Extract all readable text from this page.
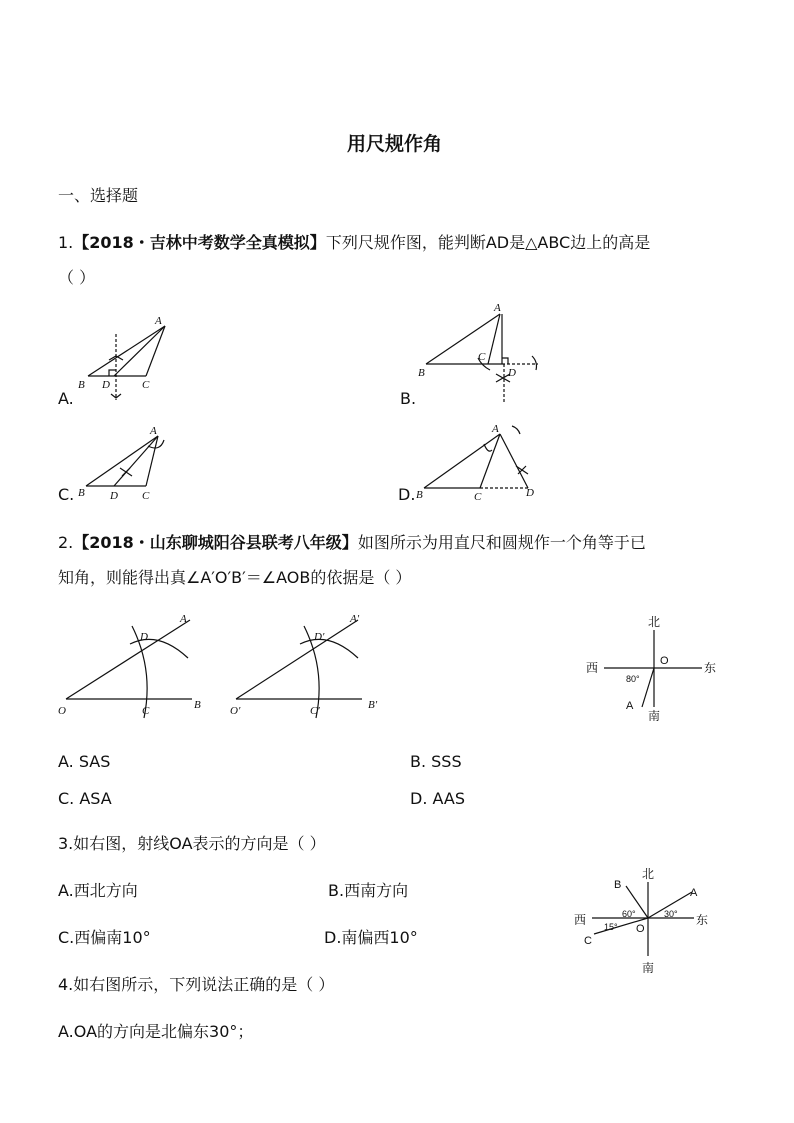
用尺规作角
一、选择题
1.【2018・吉林中考数学全真模拟】下列尺规作图，能判断AD是△ABC边上的高是
（ ）
A.	B.
C.	D.
A
B D	C
A
B
C
D
A
B D C
A
B	C	D
2.【2018・山东聊城阳谷县联考八年级】如图所示为用直尺和圆规作一个角等于已
知角，则能得出真∠A′O′B′＝∠AOB的依据是（ ）
O
D
A
C	B	O′
D′
A′
C′	B′
北
西	东
南
O
80°
A
A. SAS	B. SSS
C. ASA	D. AAS
3.如右图，射线OA表示的方向是（ ）
A.西北方向	B.西南方向
C.西偏南10°	D.南偏西10°
北
西	东
南
O
A
B
C
60°	30°
15°
4.如右图所示，下列说法正确的是（ ）
A.OA的方向是北偏东30°；
